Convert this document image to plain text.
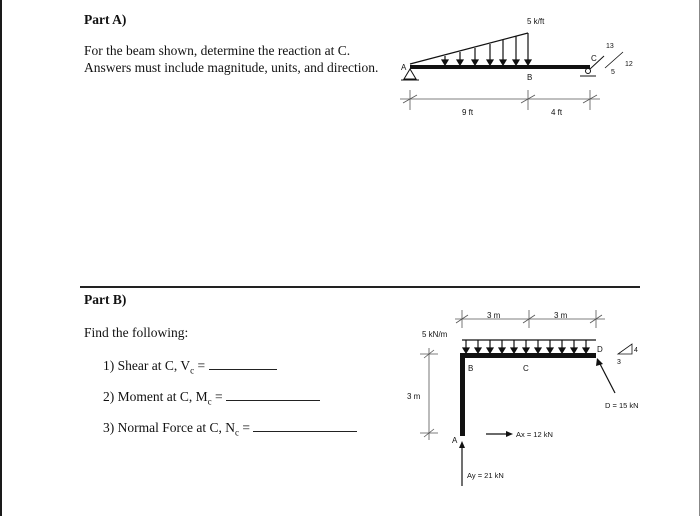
Part A)
For the beam shown, determine the reaction at C.
Answers must include magnitude, units, and direction.
5 k/ft
A
B
C
13
12
5
9 ft	4 ft
Part B)
Find the following:
1) Shear at C, $V_c$ =
2) Moment at C, $M_c$ =
3) Normal Force at C, $N_c$ =
3 m	3 m
5 kN/m
3 m
B	C
D
A
4
3
D = 15 kN
Ax = 12 kN
Ay = 21 kN
